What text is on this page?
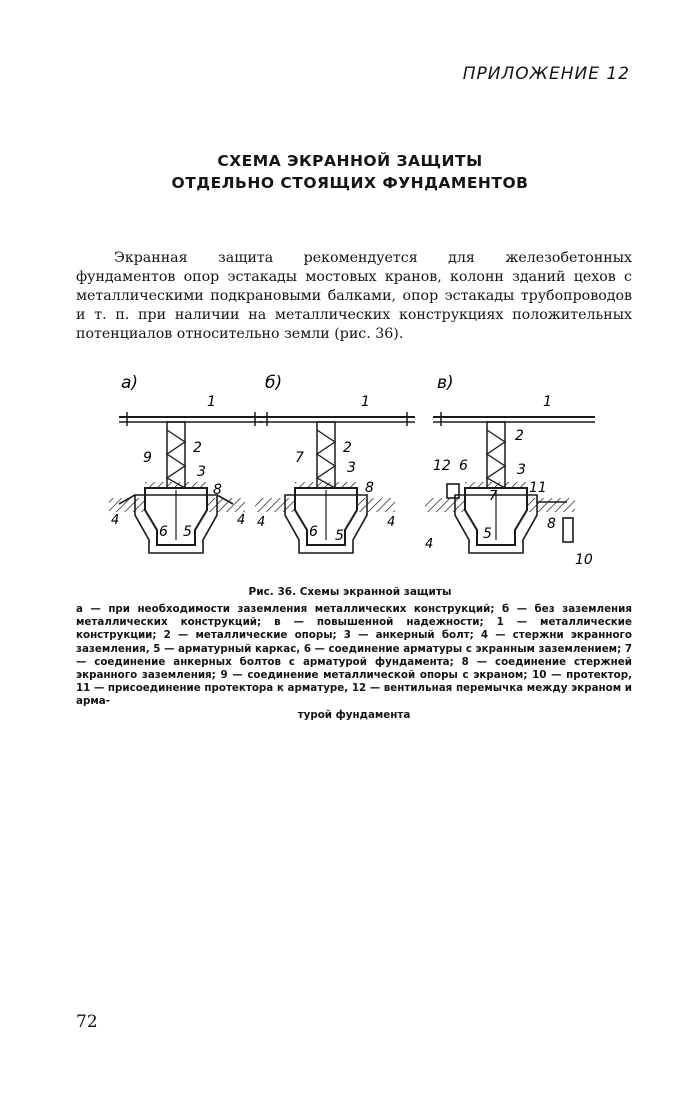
ПРИЛОЖЕНИЕ 12
СХЕМА ЭКРАННОЙ ЗАЩИТЫ
ОТДЕЛЬНО СТОЯЩИХ ФУНДАМЕНТОВ

Экранная защита рекомендуется для железобетонных фундаментов опор эстакады мостовых кранов, колонн зданий цехов с металлическими подкрановыми балками, опор эстакады трубопроводов и т. п. при наличии на металлических конструкциях положительных потенциалов относительно земли (рис. 36).

а)
1
2
3
9
8
4	4
6 5
б)
1
2
3
7
8
4	4
6 5
в)
1
2
3
12 6
11
7
8
5
4
10
Рис. 36. Схемы экранной защиты

а — при необходимости заземления металлических конструкций; б — без заземления металлических конструкций; в — повышенной надежности; 1 — металлические конструкции; 2 — металлические опоры; 3 — анкерный болт; 4 — стержни экранного заземления, 5 — арматурный каркас, 6 — соединение арматуры с экранным заземлением; 7 — соединение анкерных болтов с арматурой фундамента; 8 — соединение стержней экранного заземления; 9 — соединение металлической опоры с экраном; 10 — протектор, 11 — присоединение протектора к арматуре, 12 — вентильная перемычка между экраном и арма-
турой фундамента

72
